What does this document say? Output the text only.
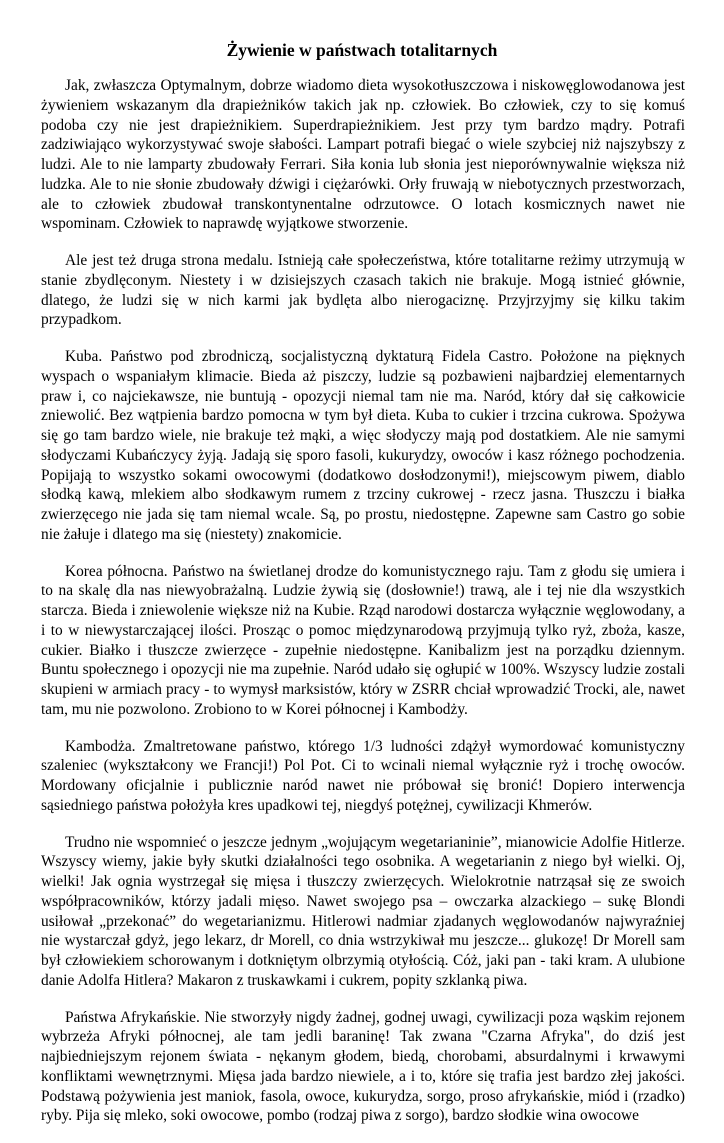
Żywienie w państwach totalitarnych

Jak, zwłaszcza Optymalnym, dobrze wiadomo dieta wysokotłuszczowa i niskowęglowodanowa jest żywieniem wskazanym dla drapieżników takich jak np. człowiek. Bo człowiek, czy to się komuś podoba czy nie jest drapieżnikiem. Superdrapieżnikiem. Jest przy tym bardzo mądry. Potrafi zadziwiająco wykorzystywać swoje słabości. Lampart potrafi biegać o wiele szybciej niż najszybszy z ludzi. Ale to nie lamparty zbudowały Ferrari. Siła konia lub słonia jest nieporównywalnie większa niż ludzka. Ale to nie słonie zbudowały dźwigi i ciężarówki. Orły fruwają w niebotycznych przestworzach, ale to człowiek zbudował transkontynentalne odrzutowce. O lotach kosmicznych nawet nie wspominam. Człowiek to naprawdę wyjątkowe stworzenie.

Ale jest też druga strona medalu. Istnieją całe społeczeństwa, które totalitarne reżimy utrzymują w stanie zbydlęconym. Niestety i w dzisiejszych czasach takich nie brakuje. Mogą istnieć głównie, dlatego, że ludzi się w nich karmi jak bydlęta albo nierogaciznę. Przyjrzyjmy się kilku takim przypadkom.

Kuba. Państwo pod zbrodniczą, socjalistyczną dyktaturą Fidela Castro. Położone na pięknych wyspach o wspaniałym klimacie. Bieda aż piszczy, ludzie są pozbawieni najbardziej elementarnych praw i, co najciekawsze, nie buntują - opozycji niemal tam nie ma. Naród, który dał się całkowicie zniewolić. Bez wątpienia bardzo pomocna w tym był dieta. Kuba to cukier i trzcina cukrowa. Spożywa się go tam bardzo wiele, nie brakuje też mąki, a więc słodyczy mają pod dostatkiem. Ale nie samymi słodyczami Kubańczycy żyją. Jadają się sporo fasoli, kukurydzy, owoców i kasz różnego pochodzenia. Popijają to wszystko sokami owocowymi (dodatkowo dosłodzonymi!), miejscowym piwem, diablo słodką kawą, mlekiem albo słodkawym rumem z trzciny cukrowej - rzecz jasna. Tłuszczu i białka zwierzęcego nie jada się tam niemal wcale. Są, po prostu, niedostępne. Zapewne sam Castro go sobie nie żałuje i dlatego ma się (niestety) znakomicie.

Korea północna. Państwo na świetlanej drodze do komunistycznego raju. Tam z głodu się umiera i to na skalę dla nas niewyobrażalną. Ludzie żywią się (dosłownie!) trawą, ale i tej nie dla wszystkich starcza. Bieda i zniewolenie większe niż na Kubie. Rząd narodowi dostarcza wyłącznie węglowodany, a i to w niewystarczającej ilości. Prosząc o pomoc międzynarodową przyjmują tylko ryż, zboża, kasze, cukier. Białko i tłuszcze zwierzęce - zupełnie niedostępne. Kanibalizm jest na porządku dziennym. Buntu społecznego i opozycji nie ma zupełnie. Naród udało się ogłupić w 100%. Wszyscy ludzie zostali skupieni w armiach pracy - to wymysł marksistów, który w ZSRR chciał wprowadzić Trocki, ale, nawet tam, mu nie pozwolono. Zrobiono to w Korei północnej i Kambodży.

Kambodża. Zmaltretowane państwo, którego 1/3 ludności zdążył wymordować komunistyczny szaleniec (wykształcony we Francji!) Pol Pot. Ci to wcinali niemal wyłącznie ryż i trochę owoców. Mordowany oficjalnie i publicznie naród nawet nie próbował się bronić! Dopiero interwencja sąsiedniego państwa położyła kres upadkowi tej, niegdyś potężnej, cywilizacji Khmerów.

Trudno nie wspomnieć o jeszcze jednym „wojującym wegetarianinie”, mianowicie Adolfie Hitlerze. Wszyscy wiemy, jakie były skutki działalności tego osobnika. A wegetarianin z niego był wielki. Oj, wielki! Jak ognia wystrzegał się mięsa i tłuszczy zwierzęcych. Wielokrotnie natrząsał się ze swoich współpracowników, którzy jadali mięso. Nawet swojego psa – owczarka alzackiego – sukę Blondi usiłował „przekonać” do wegetarianizmu. Hitlerowi nadmiar zjadanych węglowodanów najwyraźniej nie wystarczał gdyż, jego lekarz, dr Morell, co dnia wstrzykiwał mu jeszcze... glukozę! Dr Morell sam był człowiekiem schorowanym i dotkniętym olbrzymią otyłością. Cóż, jaki pan - taki kram. A ulubione danie Adolfa Hitlera? Makaron z truskawkami i cukrem, popity szklanką piwa.

Państwa Afrykańskie. Nie stworzyły nigdy żadnej, godnej uwagi, cywilizacji poza wąskim rejonem wybrzeża Afryki północnej, ale tam jedli baraninę! Tak zwana "Czarna Afryka", do dziś jest najbiedniejszym rejonem świata - nękanym głodem, biedą, chorobami, absurdalnymi i krwawymi konfliktami wewnętrznymi. Mięsa jada bardzo niewiele, a i to, które się trafia jest bardzo złej jakości. Podstawą pożywienia jest maniok, fasola, owoce, kukurydza, sorgo, proso afrykańskie, miód i (rzadko) ryby. Pija się mleko, soki owocowe, pombo (rodzaj piwa z sorgo), bardzo słodkie wina owocowe
